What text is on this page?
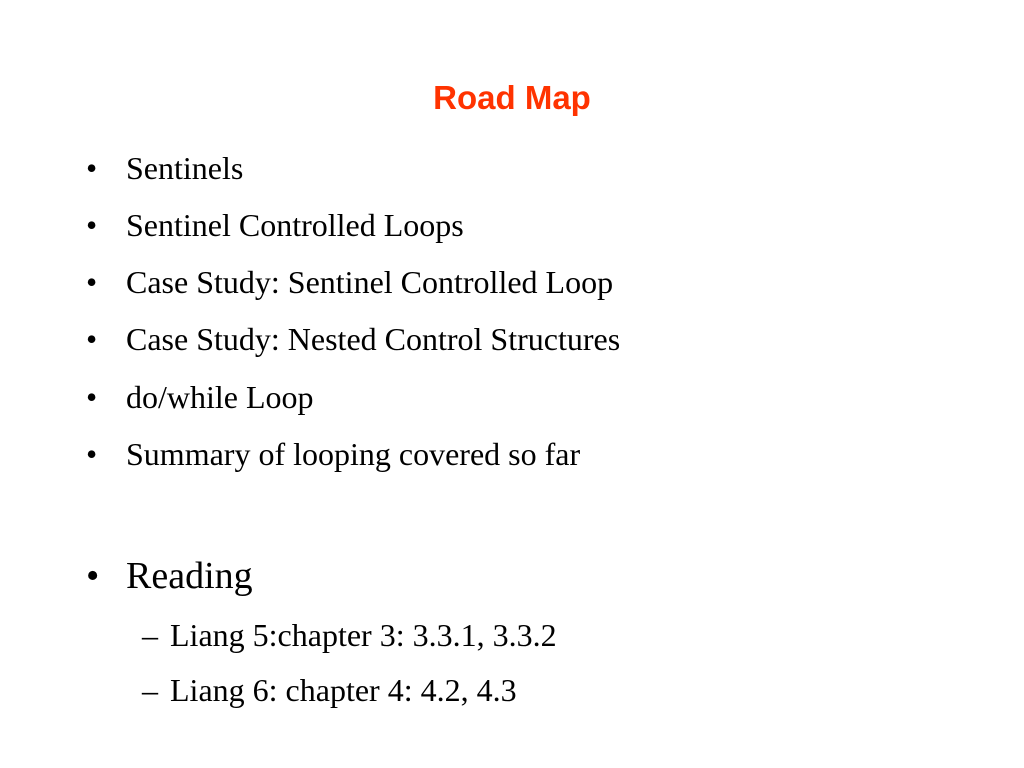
Road Map
• Sentinels
• Sentinel Controlled Loops
• Case Study: Sentinel Controlled Loop
• Case Study: Nested Control Structures
• do/while Loop
• Summary of looping covered so far
• Reading
– Liang 5:chapter 3: 3.3.1, 3.3.2
– Liang 6: chapter 4: 4.2, 4.3
